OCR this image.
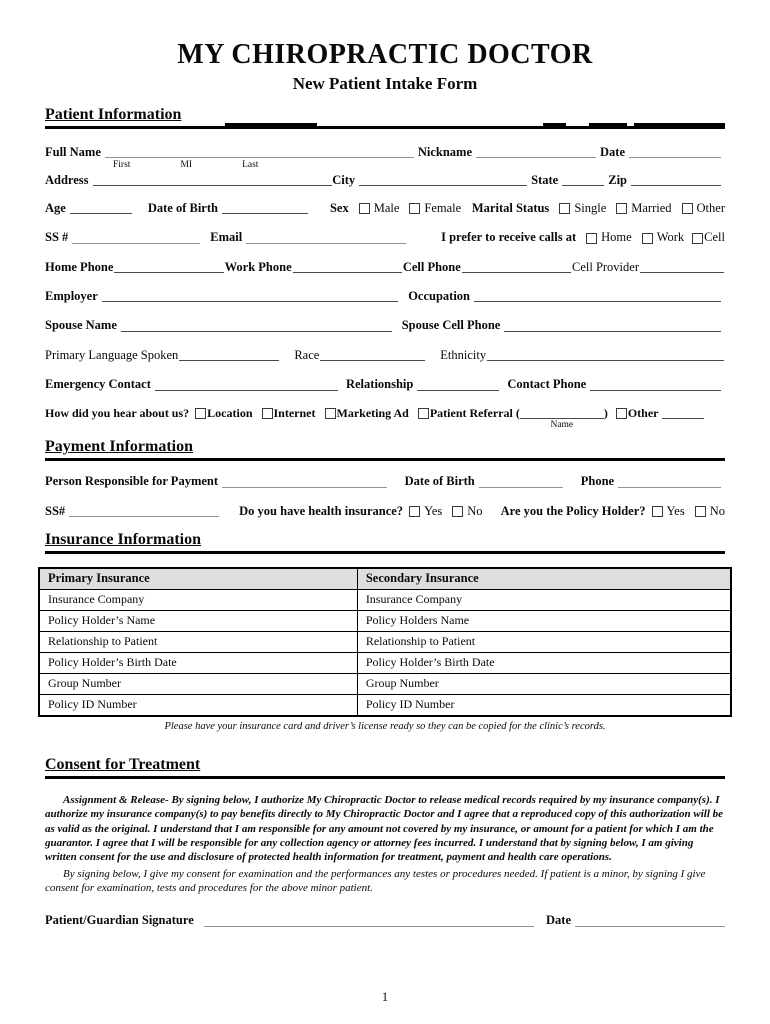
MY CHIROPRACTIC DOCTOR
New Patient Intake Form
Patient Information
Full Name	Nickname	Date
First	MI	Last
Address	City	State	Zip
Age	Date of Birth	Sex Male Female Marital Status Single Married Other
SS #	Email	I prefer to receive calls at Home Work Cell
Home Phone	Work Phone	Cell Phone	Cell Provider
Employer	Occupation
Spouse Name	Spouse Cell Phone
Primary Language Spoken	Race	Ethnicity
Emergency Contact	Relationship	Contact Phone
How did you hear about us? Location Internet Marketing Ad Patient Referral (
Name
) Other
Payment Information
Person Responsible for Payment	Date of Birth	Phone
SS#	Do you have health insurance? Yes No Are you the Policy Holder? Yes No
Insurance Information
Primary Insurance	Secondary Insurance
Insurance Company	Insurance Company
Policy Holder’s Name	Policy Holders Name
Relationship to Patient	Relationship to Patient
Policy Holder’s Birth Date	Policy Holder’s Birth Date
Group Number	Group Number
Policy ID Number	Policy ID Number
Please have your insurance card and driver’s license ready so they can be copied for the clinic’s records.
Consent for Treatment
Assignment & Release- By signing below, I authorize My Chiropractic Doctor to release medical records required by my insurance company(s). I authorize my insurance company(s) to pay benefits directly to My Chiropractic Doctor and I agree that a reproduced copy of this authorization will be as valid as the original. I understand that I am responsible for any amount not covered by my insurance, or amount for a patient for which I am the guarantor. I agree that I will be responsible for any collection agency or attorney fees incurred. I understand that by signing below, I am giving written consent for the use and disclosure of protected health information for treatment, payment and health care operations.
By signing below, I give my consent for examination and the performances any testes or procedures needed. If patient is a minor, by signing I give consent for examination, tests and procedures for the above minor patient.
Patient/Guardian Signature	Date
1
